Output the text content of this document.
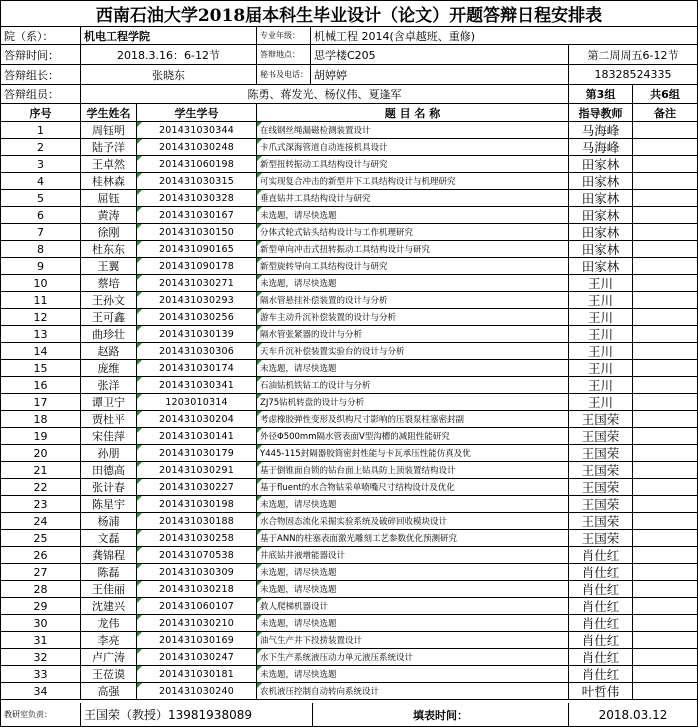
西南石油大学2018届本科生毕业设计（论文）开题答辩日程安排表
院（系）：	机电工程学院	专业年级：	机械工程 2014(含卓越班、重修)
答辩时间：	2018.3.16：6-12节	答辩地点：	思学楼C205	第二周周五6-12节
答辩组长：	张晓东	秘书及电话： 胡婷婷	18328524335
答辩组员：	陈勇、蒋发光、杨仪伟、夏逢军	第3组	共6组
序号	学生姓名	学生学号	题 目 名 称	指导教师	备注
1	周钰明	201431030344	在线钢丝绳漏磁检测装置设计	马海峰
2	陆予洋	201431030248	卡爪式深海管道自动连接机具设计	马海峰
3	王卓然	201431060198	新型扭转振动工具结构设计与研究	田家林
4	桂林森	201431030315	可实现复合冲击的新型井下工具结构设计与机理研究	田家林
5	屈钰	201431030328	垂直钻井工具结构设计与研究	田家林
6	黄涛	201431030167	未选题，请尽快选题	田家林
7	徐刚	201431030150	分体式轮式钻头结构设计与工作机理研究	田家林
8	杜东东	201431090165	新型单向冲击式扭转振动工具结构设计与研究	田家林
9	王翼	201431090178	新型旋转导向工具结构设计与研究	田家林
10	蔡培	201431030271	未选题，请尽快选题	王川
11	王孙文	201431030293	隔水管悬挂补偿装置的设计与分析	王川
12	王可鑫	201431030256	游车主动升沉补偿装置的设计与分析	王川
13	曲珍壮	201431030139	隔水管张紧器的设计与分析	王川
14	赵路	201431030306	天车升沉补偿装置实验台的设计与分析	王川
15	庞维	201431030174	未选题，请尽快选题	王川
16	张洋	201431030341	石油钻机铁钻工的设计与分析	王川
17	谭卫宁	1203010314	ZJ75钻机转盘的设计与分析	王川
18	贾杜平	201431030204	考虑橡胶弹性变形及织构尺寸影响的压裂泵柱塞密封副	王国荣
19	宋佳萍	201431030141	外径Φ500mm隔水管表面V型沟槽的减阻性能研究	王国荣
20	孙朋	201431030179	Y445-115封隔器胶筒密封性能与卡瓦承压性能仿真及优	王国荣
21	田德高	201431030291	基于倒锥面自锁的钻台面上钻具防上顶装置结构设计	王国荣
22	张计春	201431030227	基于fluent的水合物钻采单喷嘴尺寸结构设计及优化	王国荣
23	陈星宇	201431030198	未选题，请尽快选题	王国荣
24	杨浦	201431030188	水合物固态流化采掘实验系统及破碎回收模块设计	王国荣
25	文磊	201431030258	基于ANN的柱塞表面激光雕刻工艺参数优化预测研究	王国荣
26	龚锦程	201431070538	井底钻井液增能器设计	肖仕红
27	陈磊	201431030309	未选题，请尽快选题	肖仕红
28	王佳丽	201431030218	未选题，请尽快选题	肖仕红
29	沈建兴	201431060107	救人爬梯机器设计	肖仕红
30	龙伟	201431030210	未选题，请尽快选题	肖仕红
31	李亮	201431030169	油气生产井下投捞装置设计	肖仕红
32	卢广涛	201431030247	水下生产系统液压动力单元液压系统设计	肖仕红
33	王莅谟	201431030181	未选题，请尽快选题	肖仕红
34	高强	201431030240	农机液压控制自动转向系统设计	叶哲伟
教研室负责：	王国荣（教授）13981938089	填表时间：	2018.03.12
